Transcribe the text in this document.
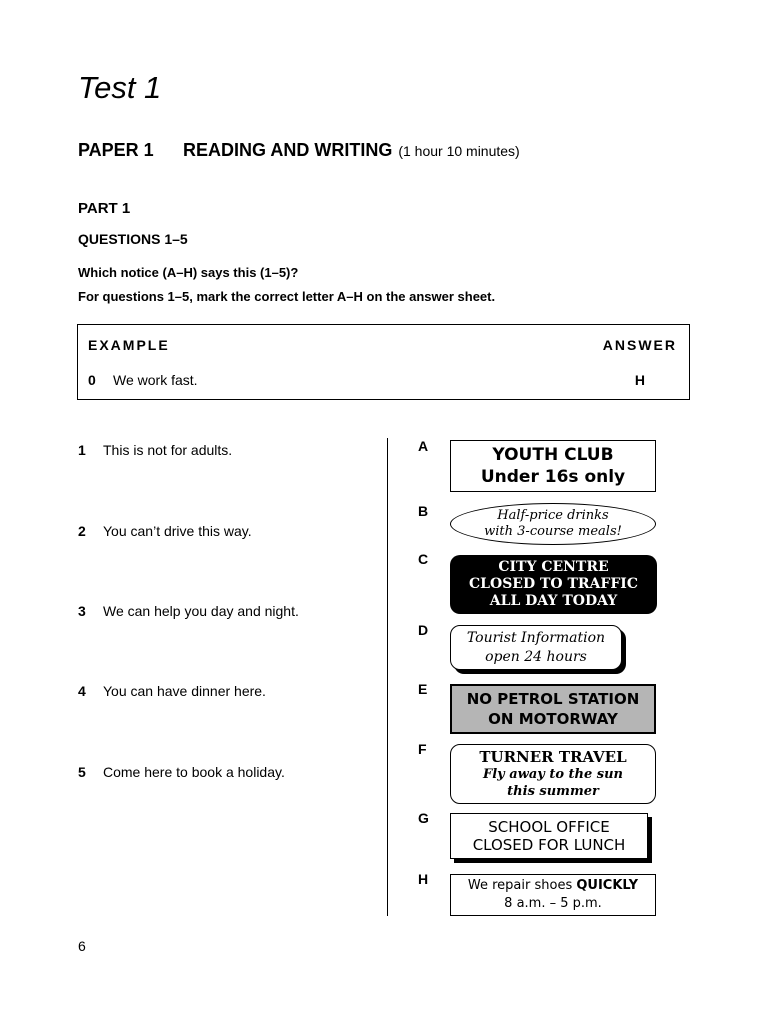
Test 1
PAPER 1 READING AND WRITING (1 hour 10 minutes)
PART 1
QUESTIONS 1–5
Which notice (A–H) says this (1–5)?
For questions 1–5, mark the correct letter A–H on the answer sheet.
EXAMPLE	ANSWER
0 We work fast.	H
1 This is not for adults.
2 You can’t drive this way.
3 We can help you day and night.
4 You can have dinner here.
5 Come here to book a holiday.
A
B
C
D
E
F
G
H
YOUTH CLUB
Under 16s only
Half-price drinks
with 3-course meals!
CITY CENTRE
CLOSED TO TRAFFIC
ALL DAY TODAY
Tourist Information
open 24 hours
NO PETROL STATION
ON MOTORWAY
TURNER TRAVEL
Fly away to the sun
this summer
SCHOOL OFFICE
CLOSED FOR LUNCH
We repair shoes QUICKLY
8 a.m. – 5 p.m.
6
